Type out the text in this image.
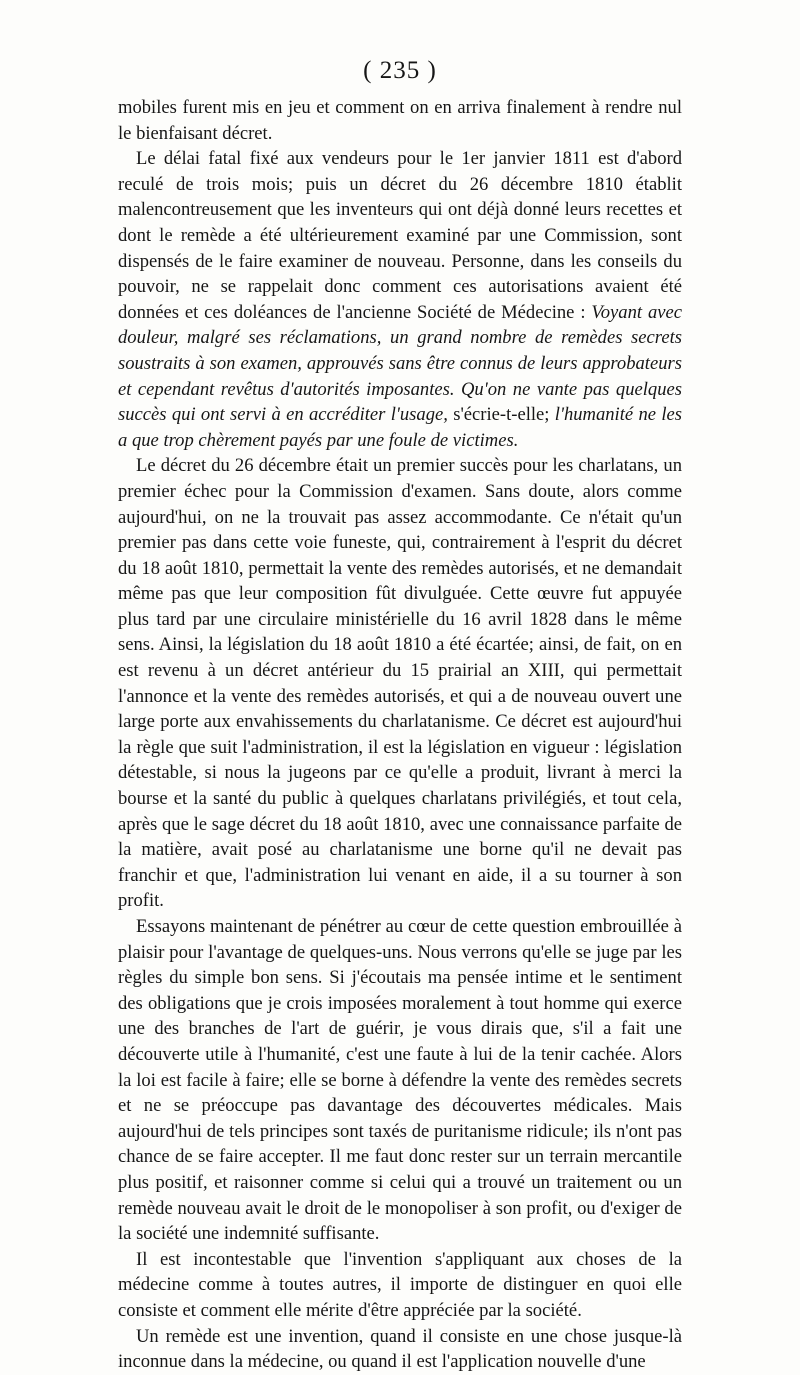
( 235 )

mobiles furent mis en jeu et comment on en arriva finalement à rendre nul le bienfaisant décret.

Le délai fatal fixé aux vendeurs pour le 1er janvier 1811 est d'abord reculé de trois mois; puis un décret du 26 décembre 1810 établit malencontreusement que les inventeurs qui ont déjà donné leurs recettes et dont le remède a été ultérieurement examiné par une Commission, sont dispensés de le faire examiner de nouveau. Personne, dans les conseils du pouvoir, ne se rappelait donc comment ces autorisations avaient été données et ces doléances de l'ancienne Société de Médecine : Voyant avec douleur, malgré ses réclamations, un grand nombre de remèdes secrets soustraits à son examen, approuvés sans être connus de leurs approbateurs et cependant revêtus d'autorités imposantes. Qu'on ne vante pas quelques succès qui ont servi à en accréditer l'usage, s'écrie-t-elle; l'humanité ne les a que trop chèrement payés par une foule de victimes.

Le décret du 26 décembre était un premier succès pour les charlatans, un premier échec pour la Commission d'examen. Sans doute, alors comme aujourd'hui, on ne la trouvait pas assez accommodante. Ce n'était qu'un premier pas dans cette voie funeste, qui, contrairement à l'esprit du décret du 18 août 1810, permettait la vente des remèdes autorisés, et ne demandait même pas que leur composition fût divulguée. Cette œuvre fut appuyée plus tard par une circulaire ministérielle du 16 avril 1828 dans le même sens. Ainsi, la législation du 18 août 1810 a été écartée; ainsi, de fait, on en est revenu à un décret antérieur du 15 prairial an XIII, qui permettait l'annonce et la vente des remèdes autorisés, et qui a de nouveau ouvert une large porte aux envahissements du charlatanisme. Ce décret est aujourd'hui la règle que suit l'administration, il est la législation en vigueur : législation détestable, si nous la jugeons par ce qu'elle a produit, livrant à merci la bourse et la santé du public à quelques charlatans privilégiés, et tout cela, après que le sage décret du 18 août 1810, avec une connaissance parfaite de la matière, avait posé au charlatanisme une borne qu'il ne devait pas franchir et que, l'administration lui venant en aide, il a su tourner à son profit.

Essayons maintenant de pénétrer au cœur de cette question embrouillée à plaisir pour l'avantage de quelques-uns. Nous verrons qu'elle se juge par les règles du simple bon sens. Si j'écoutais ma pensée intime et le sentiment des obligations que je crois imposées moralement à tout homme qui exerce une des branches de l'art de guérir, je vous dirais que, s'il a fait une découverte utile à l'humanité, c'est une faute à lui de la tenir cachée. Alors la loi est facile à faire; elle se borne à défendre la vente des remèdes secrets et ne se préoccupe pas davantage des découvertes médicales. Mais aujourd'hui de tels principes sont taxés de puritanisme ridicule; ils n'ont pas chance de se faire accepter. Il me faut donc rester sur un terrain mercantile plus positif, et raisonner comme si celui qui a trouvé un traitement ou un remède nouveau avait le droit de le monopoliser à son profit, ou d'exiger de la société une indemnité suffisante.

Il est incontestable que l'invention s'appliquant aux choses de la médecine comme à toutes autres, il importe de distinguer en quoi elle consiste et comment elle mérite d'être appréciée par la société.

Un remède est une invention, quand il consiste en une chose jusque-là inconnue dans la médecine, ou quand il est l'application nouvelle d'une
